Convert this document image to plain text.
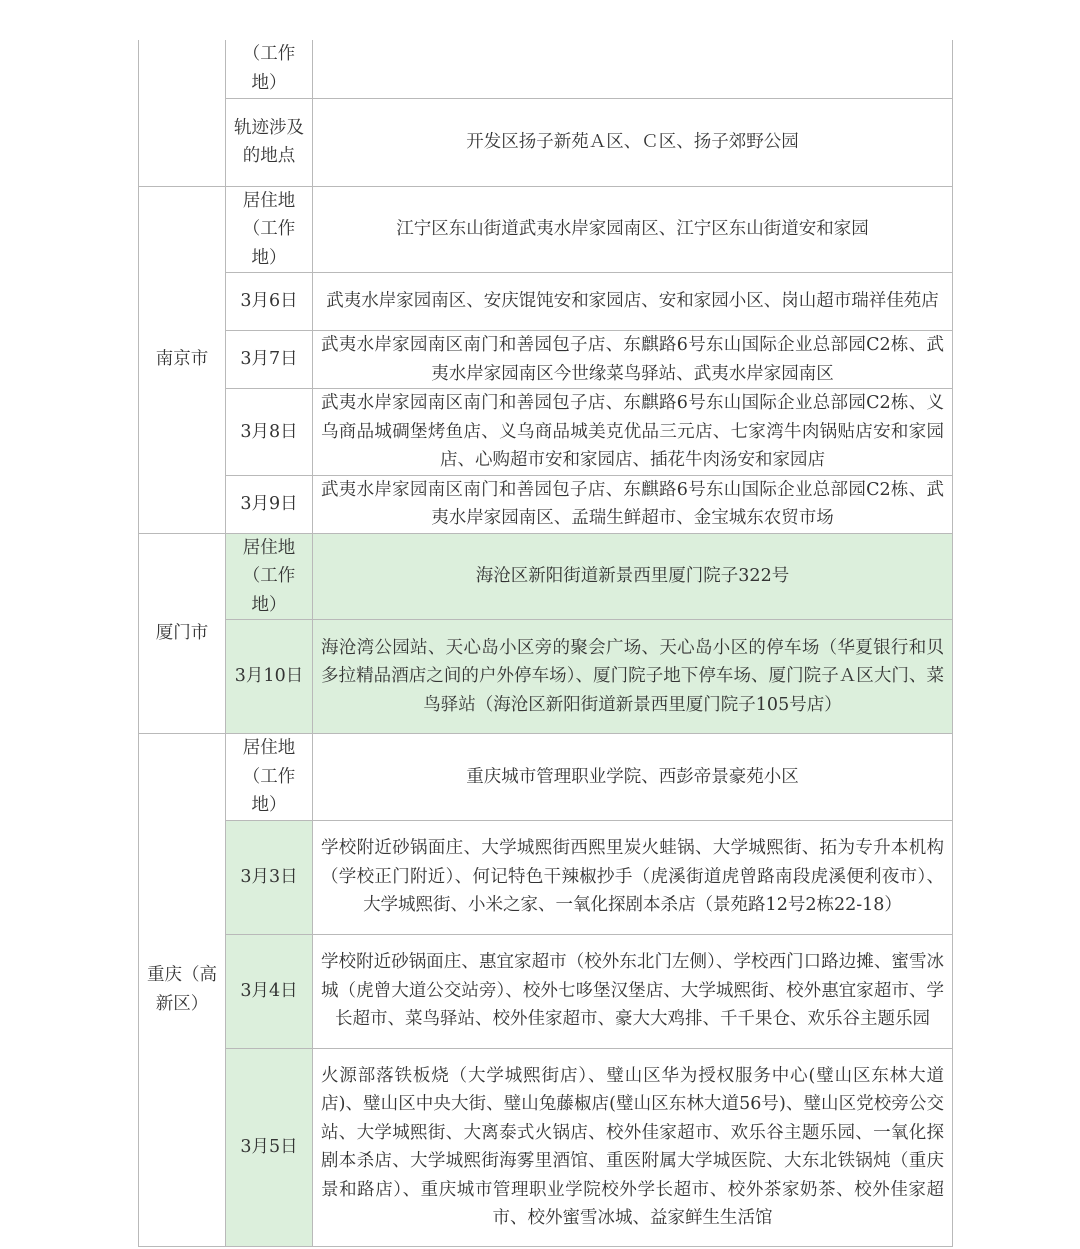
	（工作地）	
	轨迹涉及的地点	开发区扬子新苑Ａ区、Ｃ区、扬子郊野公园
南京市	居住地（工作地）	江宁区东山街道武夷水岸家园南区、江宁区东山街道安和家园
	3月6日	武夷水岸家园南区、安庆馄饨安和家园店、安和家园小区、岗山超市瑞祥佳苑店
	3月7日	武夷水岸家园南区南门和善园包子店、东麒路6号东山国际企业总部园C2栋、武夷水岸家园南区今世缘菜鸟驿站、武夷水岸家园南区
	3月8日	武夷水岸家园南区南门和善园包子店、东麒路6号东山国际企业总部园C2栋、义乌商品城碉堡烤鱼店、义乌商品城美克优品三元店、七家湾牛肉锅贴店安和家园店、心购超市安和家园店、插花牛肉汤安和家园店
	3月9日	武夷水岸家园南区南门和善园包子店、东麒路6号东山国际企业总部园C2栋、武夷水岸家园南区、孟瑞生鲜超市、金宝城东农贸市场
厦门市	居住地（工作地）	海沧区新阳街道新景西里厦门院子322号
	3月10日	海沧湾公园站、天心岛小区旁的聚会广场、天心岛小区的停车场（华夏银行和贝多拉精品酒店之间的户外停车场）、厦门院子地下停车场、厦门院子Ａ区大门、菜鸟驿站（海沧区新阳街道新景西里厦门院子105号店）
重庆（高新区）	居住地（工作地）	重庆城市管理职业学院、西彭帝景豪苑小区
	3月3日	学校附近砂锅面庄、大学城熙街西熙里炭火蛙锅、大学城熙街、拓为专升本机构（学校正门附近）、何记特色干辣椒抄手（虎溪街道虎曾路南段虎溪便利夜市）、大学城熙街、小米之家、一氧化探剧本杀店（景苑路12号2栋22-18）
	3月4日	学校附近砂锅面庄、惠宜家超市（校外东北门左侧）、学校西门口路边摊、蜜雪冰城（虎曾大道公交站旁）、校外七哆堡汉堡店、大学城熙街、校外惠宜家超市、学长超市、菜鸟驿站、校外佳家超市、豪大大鸡排、千千果仓、欢乐谷主题乐园
	3月5日	火源部落铁板烧（大学城熙街店）、璧山区华为授权服务中心(璧山区东林大道店)、璧山区中央大街、璧山兔藤椒店(璧山区东林大道56号)、璧山区党校旁公交站、大学城熙街、大离泰式火锅店、校外佳家超市、欢乐谷主题乐园、一氧化探剧本杀店、大学城熙街海雾里酒馆、重医附属大学城医院、大东北铁锅炖（重庆景和路店）、重庆城市管理职业学院校外学长超市、校外茶家奶茶、校外佳家超市、校外蜜雪冰城、益家鲜生生活馆
